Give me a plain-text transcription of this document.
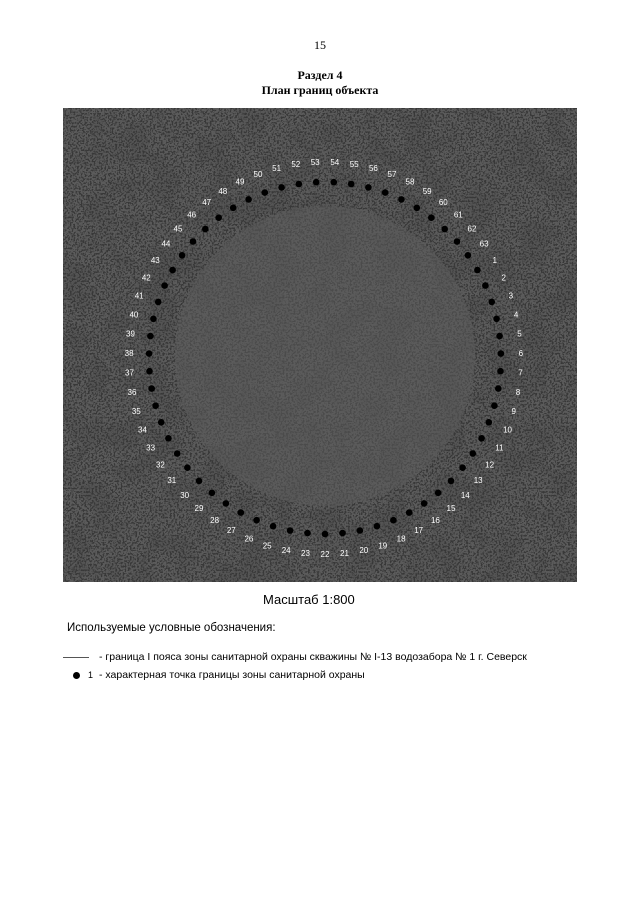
15
Раздел 4
План границ объекта
1
2
3
4
5
6
7
8
9
10
11
12
13
14
15
16
17
18
19
20
21
22
23
24
25
26
27
28
29
30
31
32
33
34
35
36
37
38
39
40
41
42
43
44
45
46
47
48
49
50
51 52 53 54 55 56
57
58
59
60
61
62
63
Масштаб 1:800
Используемые условные обозначения:
- граница I пояса зоны санитарной охраны скважины № I-13 водозабора № 1 г. Северск
1 - характерная точка границы зоны санитарной охраны
